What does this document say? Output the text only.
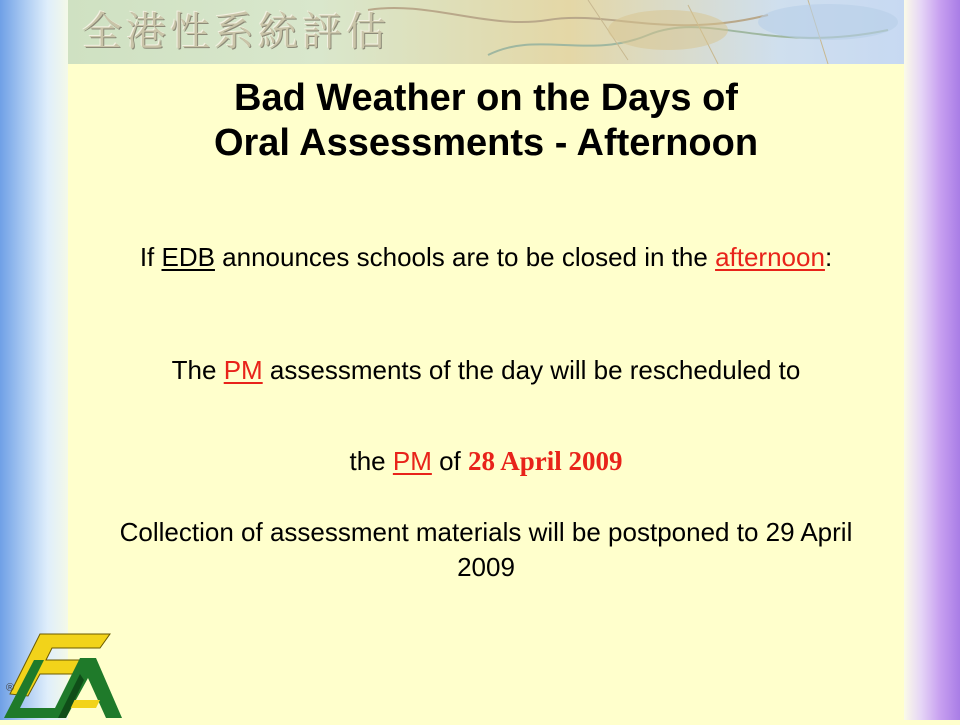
全港性系統評估
Bad Weather on the Days of
Oral Assessments - Afternoon
If EDB announces schools are to be closed in the afternoon:
The PM assessments of the day will be rescheduled to
the PM of 28 April 2009
Collection of assessment materials will be postponed to 29 April 2009
®
